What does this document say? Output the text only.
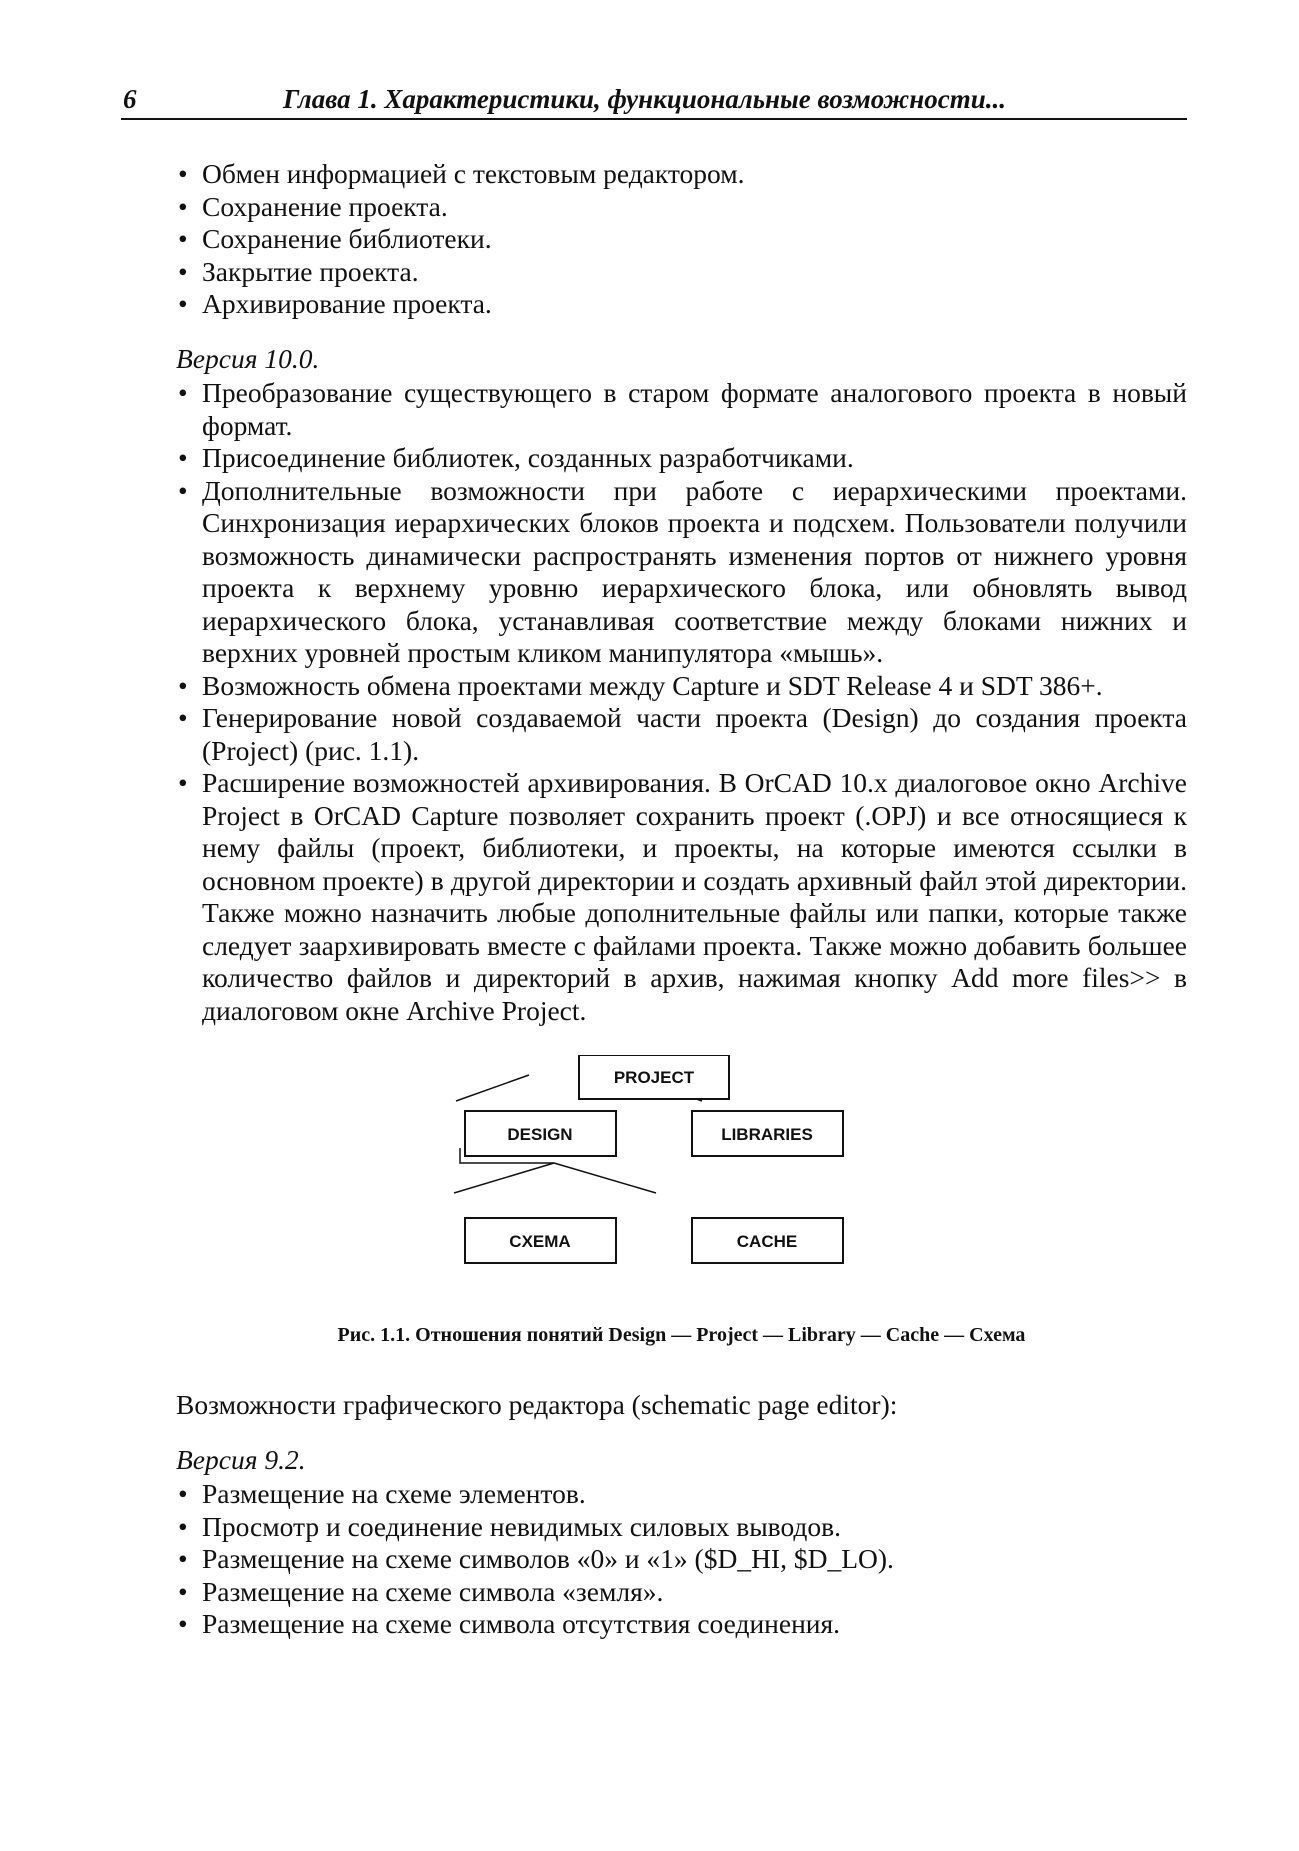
6	Глава 1. Характеристики, функциональные возможности...
• Обмен информацией с текстовым редактором.
• Сохранение проекта.
• Сохранение библиотеки.
• Закрытие проекта.
• Архивирование проекта.
Версия 10.0.
• Преобразование существующего в старом формате аналогового проекта в новый формат.
• Присоединение библиотек, созданных разработчиками.
• Дополнительные возможности при работе с иерархическими проектами. Синхронизация иерархических блоков проекта и подсхем. Пользователи получили возможность динамически распространять изменения портов от нижнего уровня проекта к верхнему уровню иерархического блока, или обновлять вывод иерархического блока, устанавливая соответствие между блоками нижних и верхних уровней простым кликом манипулятора «мышь».
• Возможность обмена проектами между Capture и SDT Release 4 и SDT 386+.
• Генерирование новой создаваемой части проекта (Design) до создания проекта (Project) (рис. 1.1).
• Расширение возможностей архивирования. В OrCAD 10.x диалоговое окно Archive Project в OrCAD Capture позволяет сохранить проект (.OPJ) и все относящиеся к нему файлы (проект, библиотеки, и проекты, на которые имеются ссылки в основном проекте) в другой директории и создать архивный файл этой директории. Также можно назначить любые дополнительные файлы или папки, которые также следует заархивировать вместе с файлами проекта. Также можно добавить большее количество файлов и директорий в архив, нажимая кнопку Add more files>> в диалоговом окне Archive Project.
PROJECT
DESIGN	LIBRARIES
CXEMA	CACHE
Рис. 1.1. Отношения понятий Design — Project — Library — Cache — Схема
Возможности графического редактора (schematic page editor):
Версия 9.2.
• Размещение на схеме элементов.
• Просмотр и соединение невидимых силовых выводов.
• Размещение на схеме символов «0» и «1» ($D_HI, $D_LO).
• Размещение на схеме символа «земля».
• Размещение на схеме символа отсутствия соединения.
